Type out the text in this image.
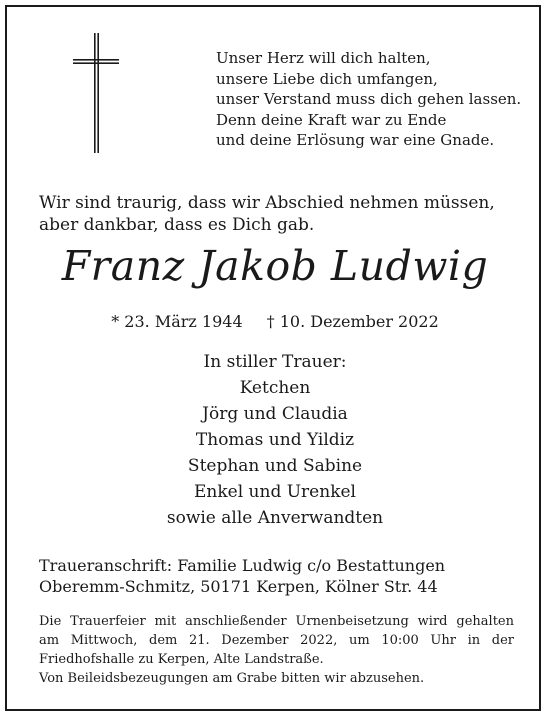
Unser Herz will dich halten,
unsere Liebe dich umfangen,
unser Verstand muss dich gehen lassen.
Denn deine Kraft war zu Ende
und deine Erlösung war eine Gnade.
Wir sind traurig, dass wir Abschied nehmen müssen,
aber dankbar, dass es Dich gab.
Franz Jakob Ludwig
* 23. März 1944 † 10. Dezember 2022
In stiller Trauer:
Ketchen
Jörg und Claudia
Thomas und Yildiz
Stephan und Sabine
Enkel und Urenkel
sowie alle Anverwandten
Traueranschrift: Familie Ludwig c/o Bestattungen
Oberemm-Schmitz, 50171 Kerpen, Kölner Str. 44
Die Trauerfeier mit anschließender Urnenbeisetzung wird gehalten
am Mittwoch, dem 21. Dezember 2022, um 10:00 Uhr in der
Friedhofshalle zu Kerpen, Alte Landstraße.
Von Beileidsbezeugungen am Grabe bitten wir abzusehen.
